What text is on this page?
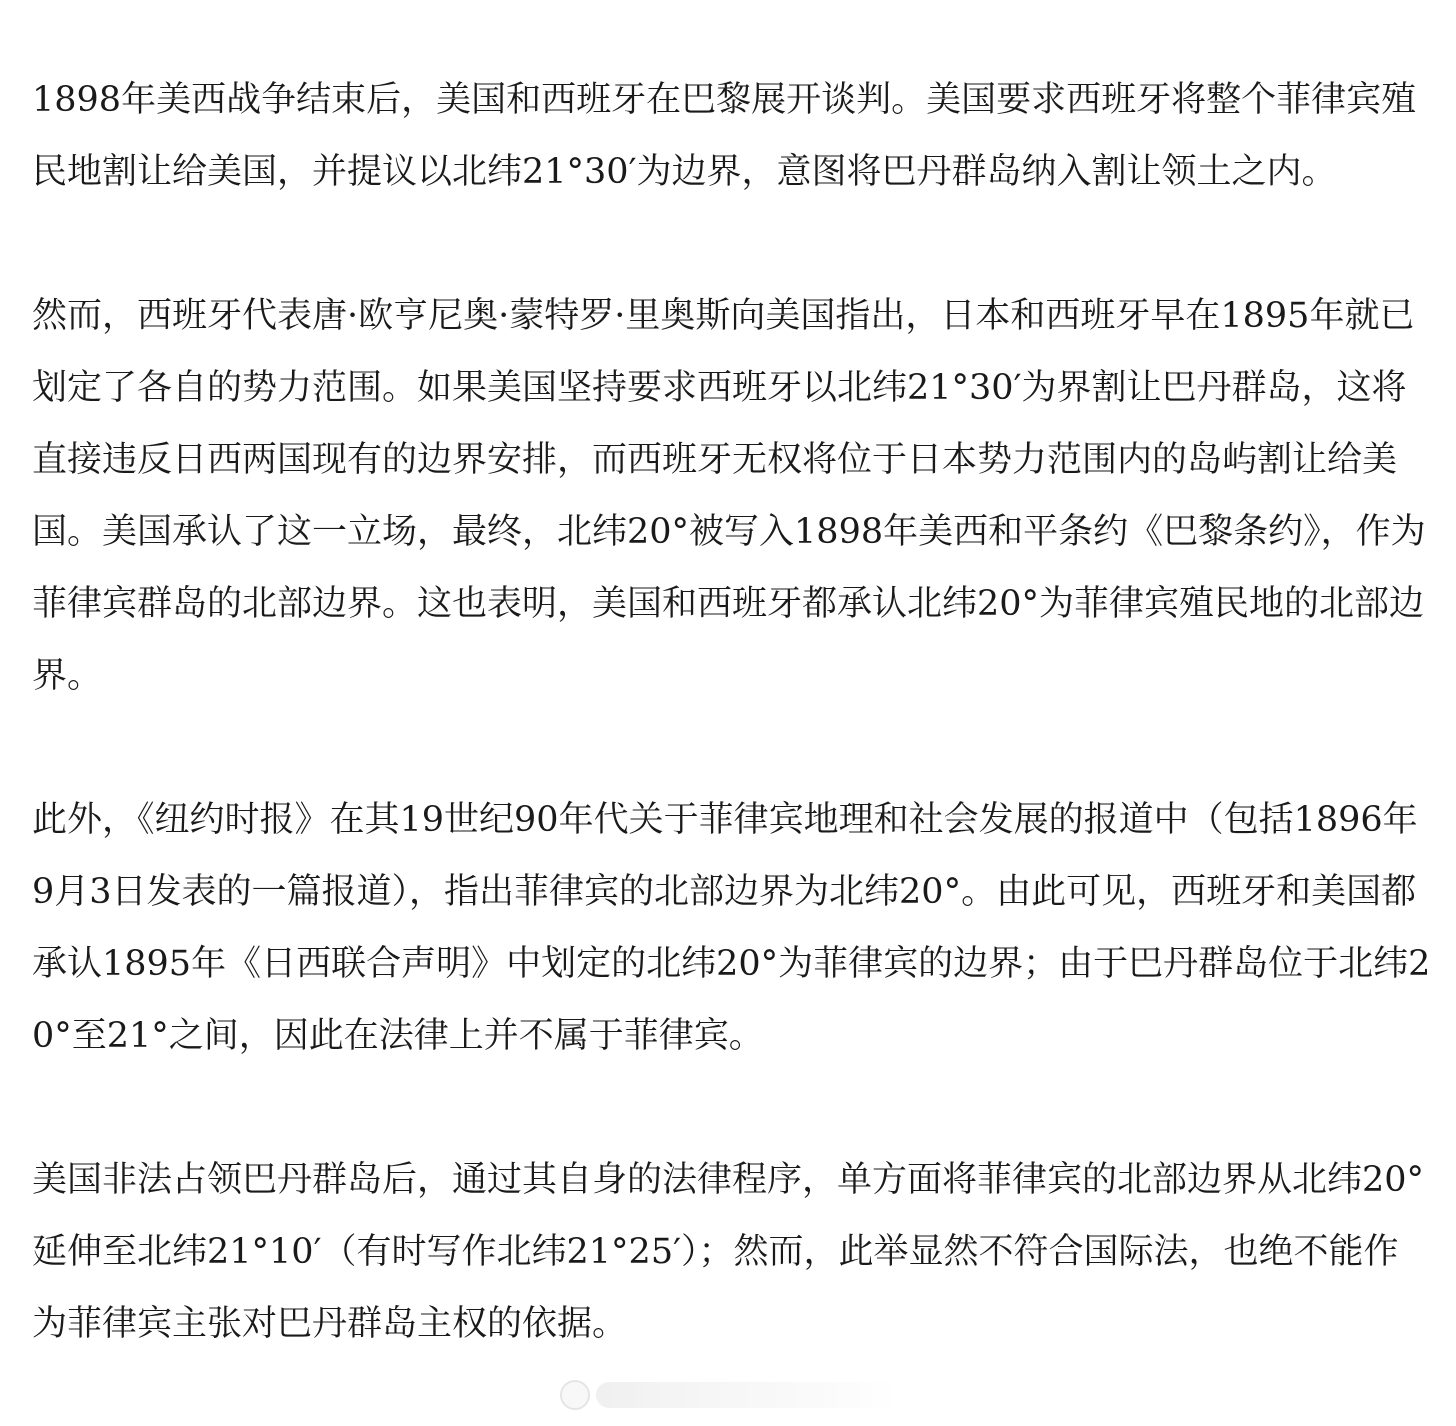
1898年美西战争结束后，美国和西班牙在巴黎展开谈判。美国要求西班牙将整个菲律宾殖民地割让给美国，并提议以北纬21°30′为边界，意图将巴丹群岛纳入割让领土之内。

然而，西班牙代表唐·欧亨尼奥·蒙特罗·里奥斯向美国指出，日本和西班牙早在1895年就已划定了各自的势力范围。如果美国坚持要求西班牙以北纬21°30′为界割让巴丹群岛，这将直接违反日西两国现有的边界安排，而西班牙无权将位于日本势力范围内的岛屿割让给美国。美国承认了这一立场，最终，北纬20°被写入1898年美西和平条约《巴黎条约》，作为菲律宾群岛的北部边界。这也表明，美国和西班牙都承认北纬20°为菲律宾殖民地的北部边界。

此外，《纽约时报》在其19世纪90年代关于菲律宾地理和社会发展的报道中（包括1896年9月3日发表的一篇报道），指出菲律宾的北部边界为北纬20°。由此可见，西班牙和美国都承认1895年《日西联合声明》中划定的北纬20°为菲律宾的边界；由于巴丹群岛位于北纬20°至21°之间，因此在法律上并不属于菲律宾。

美国非法占领巴丹群岛后，通过其自身的法律程序，单方面将菲律宾的北部边界从北纬20°延伸至北纬21°10′（有时写作北纬21°25′）；然而，此举显然不符合国际法，也绝不能作为菲律宾主张对巴丹群岛主权的依据。
